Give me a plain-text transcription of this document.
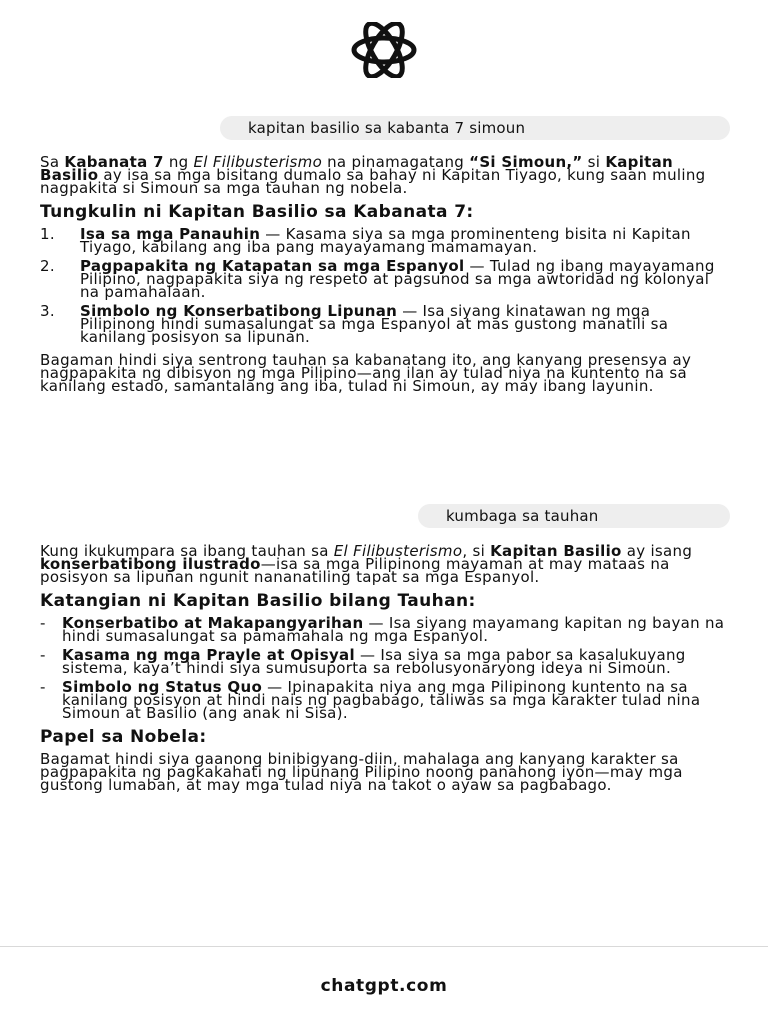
kapitan basilio sa kabanta 7 simoun

Sa Kabanata 7 ng El Filibusterismo na pinamagatang “Si Simoun,” si Kapitan Basilio ay isa sa mga bisitang dumalo sa bahay ni Kapitan Tiyago, kung saan muling nagpakita si Simoun sa mga tauhan ng nobela.

Tungkulin ni Kapitan Basilio sa Kabanata 7:

1. Isa sa mga Panauhin — Kasama siya sa mga prominenteng bisita ni Kapitan Tiyago, kabilang ang iba pang mayayamang mamamayan.
2. Pagpapakita ng Katapatan sa mga Espanyol — Tulad ng ibang mayayamang Pilipino, nagpapakita siya ng respeto at pagsunod sa mga awtoridad ng kolonyal na pamahalaan.
3. Simbolo ng Konserbatibong Lipunan — Isa siyang kinatawan ng mga Pilipinong hindi sumasalungat sa mga Espanyol at mas gustong manatili sa kanilang posisyon sa lipunan.

Bagaman hindi siya sentrong tauhan sa kabanatang ito, ang kanyang presensya ay nagpapakita ng dibisyon ng mga Pilipino—ang ilan ay tulad niya na kuntento na sa kanilang estado, samantalang ang iba, tulad ni Simoun, ay may ibang layunin.

kumbaga sa tauhan

Kung ikukumpara sa ibang tauhan sa El Filibusterismo, si Kapitan Basilio ay isang konserbatibong ilustrado—isa sa mga Pilipinong mayaman at may mataas na posisyon sa lipunan ngunit nananatiling tapat sa mga Espanyol.

Katangian ni Kapitan Basilio bilang Tauhan:

- Konserbatibo at Makapangyarihan — Isa siyang mayamang kapitan ng bayan na hindi sumasalungat sa pamamahala ng mga Espanyol.
- Kasama ng mga Prayle at Opisyal — Isa siya sa mga pabor sa kasalukuyang sistema, kaya’t hindi siya sumusuporta sa rebolusyonaryong ideya ni Simoun.
- Simbolo ng Status Quo — Ipinapakita niya ang mga Pilipinong kuntento na sa kanilang posisyon at hindi nais ng pagbabago, taliwas sa mga karakter tulad nina Simoun at Basilio (ang anak ni Sisa).

Papel sa Nobela:

Bagamat hindi siya gaanong binibigyang-diin, mahalaga ang kanyang karakter sa pagpapakita ng pagkakahati ng lipunang Pilipino noong panahong iyon—may mga gustong lumaban, at may mga tulad niya na takot o ayaw sa pagbabago.

chatgpt.com
